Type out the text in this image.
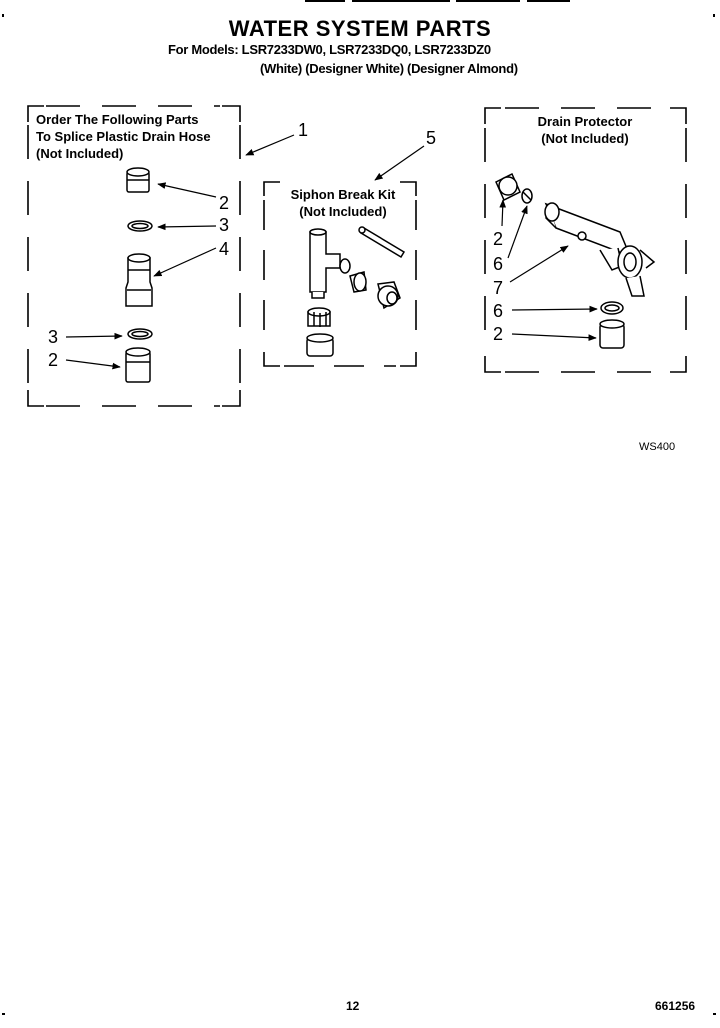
WATER SYSTEM PARTS
For Models: LSR7233DW0, LSR7233DQ0, LSR7233DZ0
(White) (Designer White) (Designer Almond)
Order The Following Parts
To Splice Plastic Drain Hose
(Not Included)
Siphon Break Kit
(Not Included)
Drain Protector
(Not Included)
1	5
2
3
4
3
2
2
6
7
6
2
WS400
12	661256
